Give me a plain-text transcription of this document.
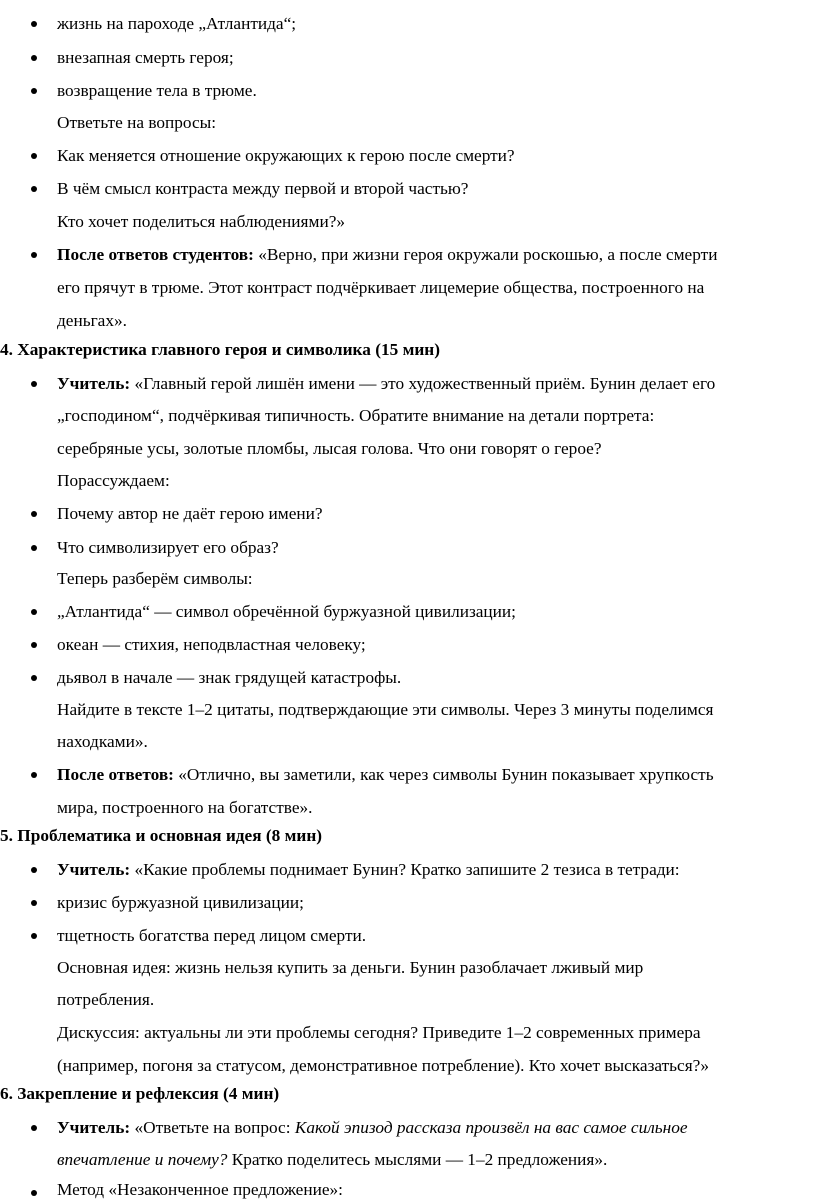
жизнь на пароходе „Атлантида“;
внезапная смерть героя;
возвращение тела в трюме.
Ответьте на вопросы:
Как меняется отношение окружающих к герою после смерти?
В чём смысл контраста между первой и второй частью?
Кто хочет поделиться наблюдениями?»
После ответов студентов: «Верно, при жизни героя окружали роскошью, а после смерти
его прячут в трюме. Этот контраст подчёркивает лицемерие общества, построенного на
деньгах».
4. Характеристика главного героя и символика (15 мин)
Учитель: «Главный герой лишён имени — это художественный приём. Бунин делает его
„господином“, подчёркивая типичность. Обратите внимание на детали портрета:
серебряные усы, золотые пломбы, лысая голова. Что они говорят о герое?
Порассуждаем:
Почему автор не даёт герою имени?
Что символизирует его образ?
Теперь разберём символы:
„Атлантида“ — символ обречённой буржуазной цивилизации;
океан — стихия, неподвластная человеку;
дьявол в начале — знак грядущей катастрофы.
Найдите в тексте 1–2 цитаты, подтверждающие эти символы. Через 3 минуты поделимся
находками».
После ответов: «Отлично, вы заметили, как через символы Бунин показывает хрупкость
мира, построенного на богатстве».
5. Проблематика и основная идея (8 мин)
Учитель: «Какие проблемы поднимает Бунин? Кратко запишите 2 тезиса в тетради:
кризис буржуазной цивилизации;
тщетность богатства перед лицом смерти.
Основная идея: жизнь нельзя купить за деньги. Бунин разоблачает лживый мир
потребления.
Дискуссия: актуальны ли эти проблемы сегодня? Приведите 1–2 современных примера
(например, погоня за статусом, демонстративное потребление). Кто хочет высказаться?»
6. Закрепление и рефлексия (4 мин)
Учитель: «Ответьте на вопрос: Какой эпизод рассказа произвёл на вас самое сильное
впечатление и почему? Кратко поделитесь мыслями — 1–2 предложения».
Метод «Незаконченное предложение»:
